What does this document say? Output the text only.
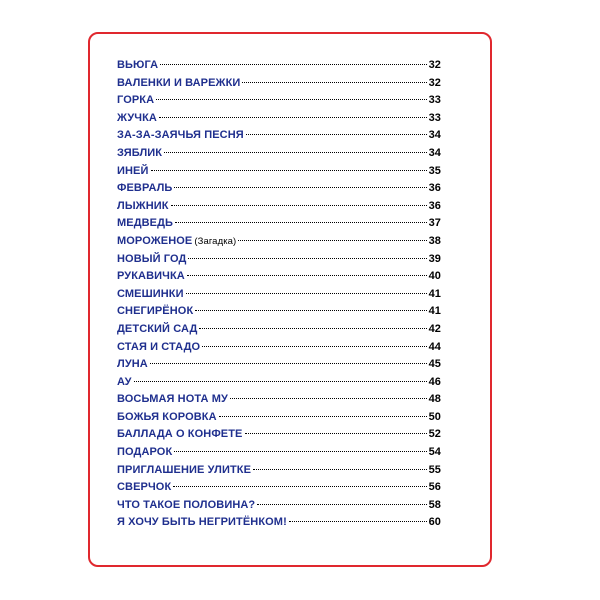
ВЬЮГА	32
ВАЛЕНКИ И ВАРЕЖКИ	32
ГОРКА	33
ЖУЧКА	33
ЗА-ЗА-ЗАЯЧЬЯ ПЕСНЯ	34
ЗЯБЛИК	34
ИНЕЙ	35
ФЕВРАЛЬ	36
ЛЫЖНИК	36
МЕДВЕДЬ	37
МОРОЖЕНОЕ (Загадка)	38
НОВЫЙ ГОД	39
РУКАВИЧКА	40
СМЕШИНКИ	41
СНЕГИРЁНОК	41
ДЕТСКИЙ САД	42
СТАЯ И СТАДО	44
ЛУНА	45
АУ	46
ВОСЬМАЯ НОТА МУ	48
БОЖЬЯ КОРОВКА	50
БАЛЛАДА О КОНФЕТЕ	52
ПОДАРОК	54
ПРИГЛАШЕНИЕ УЛИТКЕ	55
СВЕРЧОК	56
ЧТО ТАКОЕ ПОЛОВИНА?	58
Я ХОЧУ БЫТЬ НЕГРИТЁНКОМ!	60
